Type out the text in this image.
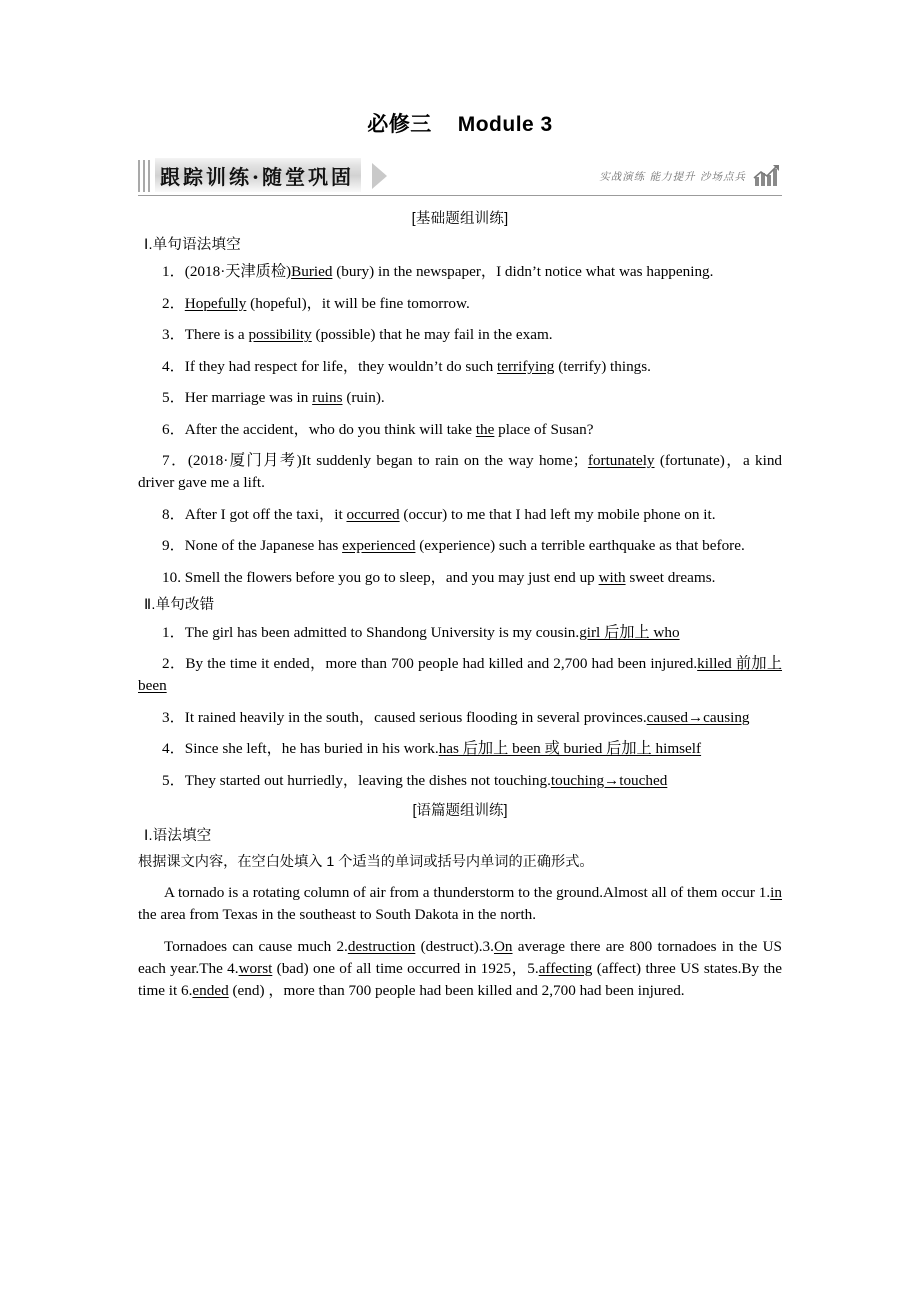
必修三 Module 3
跟踪训练·随堂巩固	实战演练 能力提升 沙场点兵
[基础题组训练]
Ⅰ.单句语法填空
1．(2018·天津质检)Buried (bury) in the newspaper，I didn’t notice what was happening.
2．Hopefully (hopeful)，it will be fine tomorrow.
3．There is a possibility (possible) that he may fail in the exam.
4．If they had respect for life，they wouldn’t do such terrifying (terrify) things.
5．Her marriage was in ruins (ruin).
6．After the accident，who do you think will take the place of Susan?
7．(2018·厦门月考)It suddenly began to rain on the way home；fortunately (fortunate)，a kind driver gave me a lift.
8．After I got off the taxi，it occurred (occur) to me that I had left my mobile phone on it.
9．None of the Japanese has experienced (experience) such a terrible earthquake as that before.
10. Smell the flowers before you go to sleep，and you may just end up with sweet dreams.
Ⅱ.单句改错
1．The girl has been admitted to Shandong University is my cousin.girl 后加上 who
2．By the time it ended，more than 700 people had killed and 2,700 had been injured.killed 前加上 been
3．It rained heavily in the south，caused serious flooding in several provinces.caused→causing
4．Since she left，he has buried in his work.has 后加上 been 或 buried 后加上 himself
5．They started out hurriedly，leaving the dishes not touching.touching→touched
[语篇题组训练]
Ⅰ.语法填空
根据课文内容，在空白处填入 1 个适当的单词或括号内单词的正确形式。
A tornado is a rotating column of air from a thunderstorm to the ground.Almost all of them occur 1.in the area from Texas in the southeast to South Dakota in the north.
Tornadoes can cause much 2.destruction (destruct).3.On average there are 800 tornadoes in the US each year.The 4.worst (bad) one of all time occurred in 1925，5.affecting (affect) three US states.By the time it 6.ended (end) ，more than 700 people had been killed and 2,700 had been injured.
